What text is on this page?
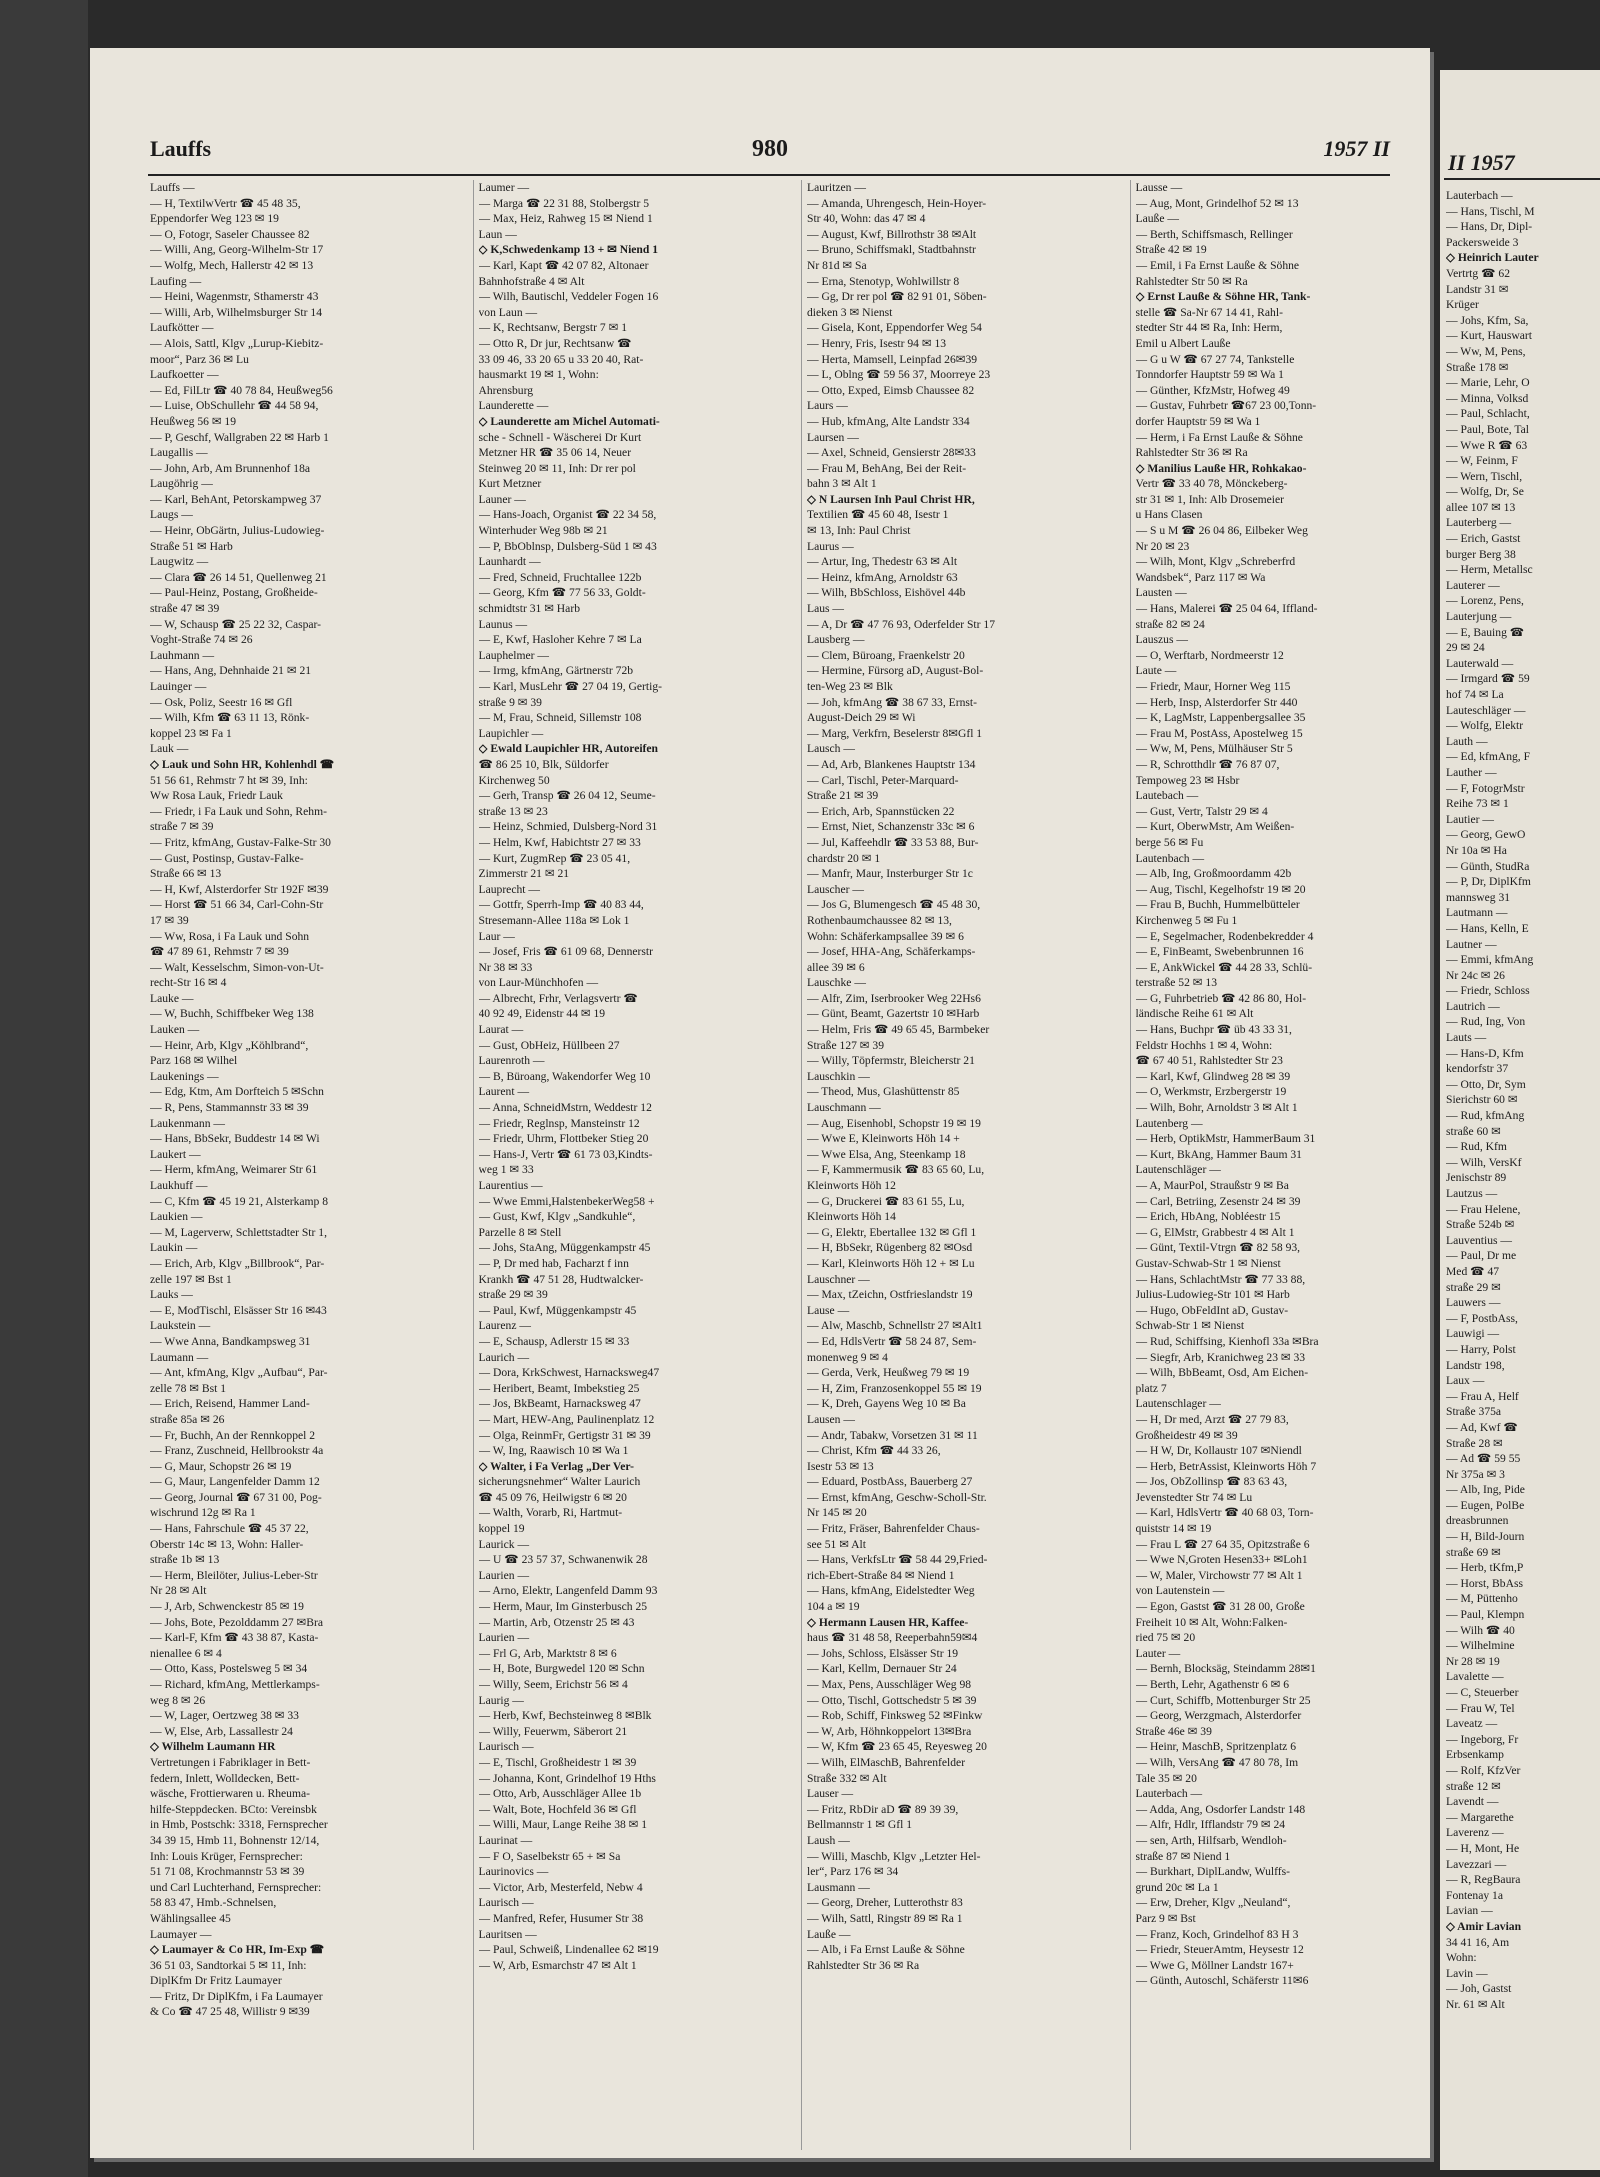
Lauffs	980	1957 II

Lauffs —

— H, TextilwVertr ☎ 45 48 35,

Eppendorfer Weg 123 ✉ 19

— O, Fotogr, Saseler Chaussee 82

— Willi, Ang, Georg-Wilhelm-Str 17

— Wolfg, Mech, Hallerstr 42 ✉ 13

Laufing —

— Heini, Wagenmstr, Sthamerstr 43

— Willi, Arb, Wilhelmsburger Str 14

Laufkötter —

— Alois, Sattl, Klgv „Lurup-Kiebitz-

moor“, Parz 36 ✉ Lu

Laufkoetter —

— Ed, FilLtr ☎ 40 78 84, Heußweg56

— Luise, ObSchullehr ☎ 44 58 94,

Heußweg 56 ✉ 19

— P, Geschf, Wallgraben 22 ✉ Harb 1

Laugallis —

— John, Arb, Am Brunnenhof 18a

Laugöhrig —

— Karl, BehAnt, Petorskampweg 37

Laugs —

— Heinr, ObGärtn, Julius-Ludowieg-

Straße 51 ✉ Harb

Laugwitz —

— Clara ☎ 26 14 51, Quellenweg 21

— Paul-Heinz, Postang, Großheide-

straße 47 ✉ 39

— W, Schausp ☎ 25 22 32, Caspar-

Voght-Straße 74 ✉ 26

Lauhmann —

— Hans, Ang, Dehnhaide 21 ✉ 21

Lauinger —

— Osk, Poliz, Seestr 16 ✉ Gfl

— Wilh, Kfm ☎ 63 11 13, Rönk-

koppel 23 ✉ Fa 1

Lauk —

◇ Lauk und Sohn HR, Kohlenhdl ☎

51 56 61, Rehmstr 7 ht ✉ 39, Inh:

Ww Rosa Lauk, Friedr Lauk

— Friedr, i Fa Lauk und Sohn, Rehm-

straße 7 ✉ 39

— Fritz, kfmAng, Gustav-Falke-Str 30

— Gust, Postinsp, Gustav-Falke-

Straße 66 ✉ 13

— H, Kwf, Alsterdorfer Str 192F ✉39

— Horst ☎ 51 66 34, Carl-Cohn-Str

17 ✉ 39

— Ww, Rosa, i Fa Lauk und Sohn

☎ 47 89 61, Rehmstr 7 ✉ 39

— Walt, Kesselschm, Simon-von-Ut-

recht-Str 16 ✉ 4

Lauke —

— W, Buchh, Schiffbeker Weg 138

Lauken —

— Heinr, Arb, Klgv „Köhlbrand“,

Parz 168 ✉ Wilhel

Laukenings —

— Edg, Ktm, Am Dorfteich 5 ✉Schn

— R, Pens, Stammannstr 33 ✉ 39

Laukenmann —

— Hans, BbSekr, Buddestr 14 ✉ Wi

Laukert —

— Herm, kfmAng, Weimarer Str 61

Laukhuff —

— C, Kfm ☎ 45 19 21, Alsterkamp 8

Laukien —

— M, Lagerverw, Schlettstadter Str 1,

Laukin —

— Erich, Arb, Klgv „Billbrook“, Par-

zelle 197 ✉ Bst 1

Lauks —

— E, ModTischl, Elsässer Str 16 ✉43

Laukstein —

— Wwe Anna, Bandkampsweg 31

Laumann —

— Ant, kfmAng, Klgv „Aufbau“, Par-

zelle 78 ✉ Bst 1

— Erich, Reisend, Hammer Land-

straße 85a ✉ 26

— Fr, Buchh, An der Rennkoppel 2

— Franz, Zuschneid, Hellbrookstr 4a

— G, Maur, Schopstr 26 ✉ 19

— G, Maur, Langenfelder Damm 12

— Georg, Journal ☎ 67 31 00, Pog-

wischrund 12g ✉ Ra 1

— Hans, Fahrschule ☎ 45 37 22,

Oberstr 14c ✉ 13, Wohn: Haller-

straße 1b ✉ 13

— Herm, Bleilöter, Julius-Leber-Str

Nr 28 ✉ Alt

— J, Arb, Schwenckestr 85 ✉ 19

— Johs, Bote, Pezolddamm 27 ✉Bra

— Karl-F, Kfm ☎ 43 38 87, Kasta-

nienallee 6 ✉ 4

— Otto, Kass, Postelsweg 5 ✉ 34

— Richard, kfmAng, Mettlerkamps-

weg 8 ✉ 26

— W, Lager, Oertzweg 38 ✉ 33

— W, Else, Arb, Lassallestr 24

◇ Wilhelm Laumann HR

Vertretungen i Fabriklager in Bett-

federn, Inlett, Wolldecken, Bett-

wäsche, Frottierwaren u. Rheuma-

hilfe-Steppdecken. BCto: Vereinsbk

in Hmb, Postschk: 3318, Fernsprecher

34 39 15, Hmb 11, Bohnenstr 12/14,

Inh: Louis Krüger, Fernsprecher:

51 71 08, Krochmannstr 53 ✉ 39

und Carl Luchterhand, Fernsprecher:

58 83 47, Hmb.-Schnelsen,

Wählingsallee 45

Laumayer —

◇ Laumayer & Co HR, Im-Exp ☎

36 51 03, Sandtorkai 5 ✉ 11, Inh:

DiplKfm Dr Fritz Laumayer

— Fritz, Dr DiplKfm, i Fa Laumayer

& Co ☎ 47 25 48, Willistr 9 ✉39

Laumer —

— Marga ☎ 22 31 88, Stolbergstr 5

— Max, Heiz, Rahweg 15 ✉ Niend 1

Laun —

◇ K,Schwedenkamp 13 + ✉ Niend 1

— Karl, Kapt ☎ 42 07 82, Altonaer

Bahnhofstraße 4 ✉ Alt

— Wilh, Bautischl, Veddeler Fogen 16

von Laun —

— K, Rechtsanw, Bergstr 7 ✉ 1

— Otto R, Dr jur, Rechtsanw ☎

33 09 46, 33 20 65 u 33 20 40, Rat-

hausmarkt 19 ✉ 1, Wohn:

Ahrensburg

Launderette —

◇ Launderette am Michel Automati-

sche - Schnell - Wäscherei Dr Kurt

Metzner HR ☎ 35 06 14, Neuer

Steinweg 20 ✉ 11, Inh: Dr rer pol

Kurt Metzner

Launer —

— Hans-Joach, Organist ☎ 22 34 58,

Winterhuder Weg 98b ✉ 21

— P, BbOblnsp, Dulsberg-Süd 1 ✉ 43

Launhardt —

— Fred, Schneid, Fruchtallee 122b

— Georg, Kfm ☎ 77 56 33, Goldt-

schmidtstr 31 ✉ Harb

Launus —

— E, Kwf, Hasloher Kehre 7 ✉ La

Lauphelmer —

— Irmg, kfmAng, Gärtnerstr 72b

— Karl, MusLehr ☎ 27 04 19, Gertig-

straße 9 ✉ 39

— M, Frau, Schneid, Sillemstr 108

Laupichler —

◇ Ewald Laupichler HR, Autoreifen

☎ 86 25 10, Blk, Süldorfer

Kirchenweg 50

— Gerh, Transp ☎ 26 04 12, Seume-

straße 13 ✉ 23

— Heinz, Schmied, Dulsberg-Nord 31

— Helm, Kwf, Habichtstr 27 ✉ 33

— Kurt, ZugmRep ☎ 23 05 41,

Zimmerstr 21 ✉ 21

Lauprecht —

— Gottfr, Sperrh-Imp ☎ 40 83 44,

Stresemann-Allee 118a ✉ Lok 1

Laur —

— Josef, Fris ☎ 61 09 68, Dennerstr

Nr 38 ✉ 33

von Laur-Münchhofen —

— Albrecht, Frhr, Verlagsvertr ☎

40 92 49, Eidenstr 44 ✉ 19

Laurat —

— Gust, ObHeiz, Hüllbeen 27

Laurenroth —

— B, Büroang, Wakendorfer Weg 10

Laurent —

— Anna, SchneidMstrn, Weddestr 12

— Friedr, Reglnsp, Mansteinstr 12

— Friedr, Uhrm, Flottbeker Stieg 20

— Hans-J, Vertr ☎ 61 73 03,Kindts-

weg 1 ✉ 33

Laurentius —

— Wwe Emmi,HalstenbekerWeg58 +

— Gust, Kwf, Klgv „Sandkuhle“,

Parzelle 8 ✉ Stell

— Johs, StaAng, Müggenkampstr 45

— P, Dr med hab, Facharzt f inn

Krankh ☎ 47 51 28, Hudtwalcker-

straße 29 ✉ 39

— Paul, Kwf, Müggenkampstr 45

Laurenz —

— E, Schausp, Adlerstr 15 ✉ 33

Laurich —

— Dora, KrkSchwest, Harnacksweg47

— Heribert, Beamt, Imbekstieg 25

— Jos, BkBeamt, Harnacksweg 47

— Mart, HEW-Ang, Paulinenplatz 12

— Olga, ReinmFr, Gertigstr 31 ✉ 39

— W, Ing, Raawisch 10 ✉ Wa 1

◇ Walter, i Fa Verlag „Der Ver-

sicherungsnehmer“ Walter Laurich

☎ 45 09 76, Heilwigstr 6 ✉ 20

— Walth, Vorarb, Ri, Hartmut-

koppel 19

Laurick —

— U ☎ 23 57 37, Schwanenwik 28

Laurien —

— Arno, Elektr, Langenfeld Damm 93

— Herm, Maur, Im Ginsterbusch 25

— Martin, Arb, Otzenstr 25 ✉ 43

Laurien —

— Frl G, Arb, Marktstr 8 ✉ 6

— H, Bote, Burgwedel 120 ✉ Schn

— Willy, Seem, Erichstr 56 ✉ 4

Laurig —

— Herb, Kwf, Bechsteinweg 8 ✉Blk

— Willy, Feuerwm, Säberort 21

Laurisch —

— E, Tischl, Großheidestr 1 ✉ 39

— Johanna, Kont, Grindelhof 19 Hths

— Otto, Arb, Ausschläger Allee 1b

— Walt, Bote, Hochfeld 36 ✉ Gfl

— Willi, Maur, Lange Reihe 38 ✉ 1

Laurinat —

— F O, Saselbekstr 65 + ✉ Sa

Laurinovics —

— Victor, Arb, Mesterfeld, Nebw 4

Laurisch —

— Manfred, Refer, Husumer Str 38

Lauritsen —

— Paul, Schweiß, Lindenallee 62 ✉19

— W, Arb, Esmarchstr 47 ✉ Alt 1

Lauritzen —

— Amanda, Uhrengesch, Hein-Hoyer-

Str 40, Wohn: das 47 ✉ 4

— August, Kwf, Billrothstr 38 ✉Alt

— Bruno, Schiffsmakl, Stadtbahnstr

Nr 81d ✉ Sa

— Erna, Stenotyp, Wohlwillstr 8

— Gg, Dr rer pol ☎ 82 91 01, Söben-

dieken 3 ✉ Nienst

— Gisela, Kont, Eppendorfer Weg 54

— Henry, Fris, Isestr 94 ✉ 13

— Herta, Mamsell, Leinpfad 26✉39

— L, Oblng ☎ 59 56 37, Moorreye 23

— Otto, Exped, Eimsb Chaussee 82

Laurs —

— Hub, kfmAng, Alte Landstr 334

Laursen —

— Axel, Schneid, Gensierstr 28✉33

— Frau M, BehAng, Bei der Reit-

bahn 3 ✉ Alt 1

◇ N Laursen Inh Paul Christ HR,

Textilien ☎ 45 60 48, Isestr 1

✉ 13, Inh: Paul Christ

Laurus —

— Artur, Ing, Thedestr 63 ✉ Alt

— Heinz, kfmAng, Arnoldstr 63

— Wilh, BbSchloss, Eishövel 44b

Laus —

— A, Dr ☎ 47 76 93, Oderfelder Str 17

Lausberg —

— Clem, Büroang, Fraenkelstr 20

— Hermine, Fürsorg aD, August-Bol-

ten-Weg 23 ✉ Blk

— Joh, kfmAng ☎ 38 67 33, Ernst-

August-Deich 29 ✉ Wi

— Marg, Verkfrn, Beselerstr 8✉Gfl 1

Lausch —

— Ad, Arb, Blankenes Hauptstr 134

— Carl, Tischl, Peter-Marquard-

Straße 21 ✉ 39

— Erich, Arb, Spannstücken 22

— Ernst, Niet, Schanzenstr 33c ✉ 6

— Jul, Kaffeehdlr ☎ 33 53 88, Bur-

chardstr 20 ✉ 1

— Manfr, Maur, Insterburger Str 1c

Lauscher —

— Jos G, Blumengesch ☎ 45 48 30,

Rothenbaumchaussee 82 ✉ 13,

Wohn: Schäferkampsallee 39 ✉ 6

— Josef, HHA-Ang, Schäferkamps-

allee 39 ✉ 6

Lauschke —

— Alfr, Zim, Iserbrooker Weg 22Hs6

— Günt, Beamt, Gazertstr 10 ✉Harb

— Helm, Fris ☎ 49 65 45, Barmbeker

Straße 127 ✉ 39

— Willy, Töpfermstr, Bleicherstr 21

Lauschkin —

— Theod, Mus, Glashüttenstr 85

Lauschmann —

— Aug, Eisenhobl, Schopstr 19 ✉ 19

— Wwe E, Kleinworts Höh 14 +

— Wwe Elsa, Ang, Steenkamp 18

— F, Kammermusik ☎ 83 65 60, Lu,

Kleinworts Höh 12

— G, Druckerei ☎ 83 61 55, Lu,

Kleinworts Höh 14

— G, Elektr, Ebertallee 132 ✉ Gfl 1

— H, BbSekr, Rügenberg 82 ✉Osd

— Karl, Kleinworts Höh 12 + ✉ Lu

Lauschner —

— Max, tZeichn, Ostfrieslandstr 19

Lause —

— Alw, Maschb, Schnellstr 27 ✉Alt1

— Ed, HdlsVertr ☎ 58 24 87, Sem-

monenweg 9 ✉ 4

— Gerda, Verk, Heußweg 79 ✉ 19

— H, Zim, Franzosenkoppel 55 ✉ 19

— K, Dreh, Gayens Weg 10 ✉ Ba

Lausen —

— Andr, Tabakw, Vorsetzen 31 ✉ 11

— Christ, Kfm ☎ 44 33 26,

Isestr 53 ✉ 13

— Eduard, PostbAss, Bauerberg 27

— Ernst, kfmAng, Geschw-Scholl-Str.

Nr 145 ✉ 20

— Fritz, Fräser, Bahrenfelder Chaus-

see 51 ✉ Alt

— Hans, VerkfsLtr ☎ 58 44 29,Fried-

rich-Ebert-Straße 84 ✉ Niend 1

— Hans, kfmAng, Eidelstedter Weg

104 a ✉ 19

◇ Hermann Lausen HR, Kaffee-

haus ☎ 31 48 58, Reeperbahn59✉4

— Johs, Schloss, Elsässer Str 19

— Karl, Kellm, Dernauer Str 24

— Max, Pens, Ausschläger Weg 98

— Otto, Tischl, Gottschedstr 5 ✉ 39

— Rob, Schiff, Finksweg 52 ✉Finkw

— W, Arb, Höhnkoppelort 13✉Bra

— W, Kfm ☎ 23 65 45, Reyesweg 20

— Wilh, ElMaschB, Bahrenfelder

Straße 332 ✉ Alt

Lauser —

— Fritz, RbDir aD ☎ 89 39 39,

Bellmannstr 1 ✉ Gfl 1

Laush —

— Willi, Maschb, Klgv „Letzter Hel-

ler“, Parz 176 ✉ 34

Lausmann —

— Georg, Dreher, Lutterothstr 83

— Wilh, Sattl, Ringstr 89 ✉ Ra 1

Lauße —

— Alb, i Fa Ernst Lauße & Söhne

Rahlstedter Str 36 ✉ Ra

Lausse —

— Aug, Mont, Grindelhof 52 ✉ 13

Lauße —

— Berth, Schiffsmasch, Rellinger

Straße 42 ✉ 19

— Emil, i Fa Ernst Lauße & Söhne

Rahlstedter Str 50 ✉ Ra

◇ Ernst Lauße & Söhne HR, Tank-

stelle ☎ Sa-Nr 67 14 41, Rahl-

stedter Str 44 ✉ Ra, Inh: Herm,

Emil u Albert Lauße

— G u W ☎ 67 27 74, Tankstelle

Tonndorfer Hauptstr 59 ✉ Wa 1

— Günther, KfzMstr, Hofweg 49

— Gustav, Fuhrbetr ☎67 23 00,Tonn-

dorfer Hauptstr 59 ✉ Wa 1

— Herm, i Fa Ernst Lauße & Söhne

Rahlstedter Str 36 ✉ Ra

◇ Manilius Lauße HR, Rohkakao-

Vertr ☎ 33 40 78, Mönckeberg-

str 31 ✉ 1, Inh: Alb Drosemeier

u Hans Clasen

— S u M ☎ 26 04 86, Eilbeker Weg

Nr 20 ✉ 23

— Wilh, Mont, Klgv „Schreberfrd

Wandsbek“, Parz 117 ✉ Wa

Lausten —

— Hans, Malerei ☎ 25 04 64, Iffland-

straße 82 ✉ 24

Lauszus —

— O, Werftarb, Nordmeerstr 12

Laute —

— Friedr, Maur, Horner Weg 115

— Herb, Insp, Alsterdorfer Str 440

— K, LagMstr, Lappenbergsallee 35

— Frau M, PostAss, Apostelweg 15

— Ww, M, Pens, Mülhäuser Str 5

— R, Schrotthdlr ☎ 76 87 07,

Tempoweg 23 ✉ Hsbr

Lautebach —

— Gust, Vertr, Talstr 29 ✉ 4

— Kurt, OberwMstr, Am Weißen-

berge 56 ✉ Fu

Lautenbach —

— Alb, Ing, Großmoordamm 42b

— Aug, Tischl, Kegelhofstr 19 ✉ 20

— Frau B, Buchh, Hummelbütteler

Kirchenweg 5 ✉ Fu 1

— E, Segelmacher, Rodenbekredder 4

— E, FinBeamt, Swebenbrunnen 16

— E, AnkWickel ☎ 44 28 33, Schlü-

terstraße 52 ✉ 13

— G, Fuhrbetrieb ☎ 42 86 80, Hol-

ländische Reihe 61 ✉ Alt

— Hans, Buchpr ☎ üb 43 33 31,

Feldstr Hochhs 1 ✉ 4, Wohn:

☎ 67 40 51, Rahlstedter Str 23

— Karl, Kwf, Glindweg 28 ✉ 39

— O, Werkmstr, Erzbergerstr 19

— Wilh, Bohr, Arnoldstr 3 ✉ Alt 1

Lautenberg —

— Herb, OptikMstr, HammerBaum 31

— Kurt, BkAng, Hammer Baum 31

Lautenschläger —

— A, MaurPol, Straußstr 9 ✉ Ba

— Carl, Betriing, Zesenstr 24 ✉ 39

— Erich, HbAng, Nobléestr 15

— G, ElMstr, Grabbestr 4 ✉ Alt 1

— Günt, Textil-Vtrgn ☎ 82 58 93,

Gustav-Schwab-Str 1 ✉ Nienst

— Hans, SchlachtMstr ☎ 77 33 88,

Julius-Ludowieg-Str 101 ✉ Harb

— Hugo, ObFeldInt aD, Gustav-

Schwab-Str 1 ✉ Nienst

— Rud, Schiffsing, Kienhofl 33a ✉Bra

— Siegfr, Arb, Kranichweg 23 ✉ 33

— Wilh, BbBeamt, Osd, Am Eichen-

platz 7

Lautenschlager —

— H, Dr med, Arzt ☎ 27 79 83,

Großheidestr 49 ✉ 39

— H W, Dr, Kollaustr 107 ✉Niendl

— Herb, BetrAssist, Kleinworts Höh 7

— Jos, ObZollinsp ☎ 83 63 43,

Jevenstedter Str 74 ✉ Lu

— Karl, HdlsVertr ☎ 40 68 03, Torn-

quiststr 14 ✉ 19

— Frau L ☎ 27 64 35, Opitzstraße 6

— Wwe N,Groten Hesen33+ ✉Loh1

— W, Maler, Virchowstr 77 ✉ Alt 1

von Lautenstein —

— Egon, Gastst ☎ 31 28 00, Große

Freiheit 10 ✉ Alt, Wohn:Falken-

ried 75 ✉ 20

Lauter —

— Bernh, Blocksäg, Steindamm 28✉1

— Berth, Lehr, Agathenstr 6 ✉ 6

— Curt, Schiffb, Mottenburger Str 25

— Georg, Werzgmach, Alsterdorfer

Straße 46e ✉ 39

— Heinr, MaschB, Spritzenplatz 6

— Wilh, VersAng ☎ 47 80 78, Im

Tale 35 ✉ 20

Lauterbach —

— Adda, Ang, Osdorfer Landstr 148

— Alfr, Hdlr, Ifflandstr 79 ✉ 24

— sen, Arth, Hilfsarb, Wendloh-

straße 87 ✉ Niend 1

— Burkhart, DiplLandw, Wulffs-

grund 20c ✉ La 1

— Erw, Dreher, Klgv „Neuland“,

Parz 9 ✉ Bst

— Franz, Koch, Grindelhof 83 H 3

— Friedr, SteuerAmtm, Heysestr 12

— Wwe G, Möllner Landstr 167+

— Günth, Autoschl, Schäferstr 11✉6

II 1957

Lauterbach —

— Hans, Tischl, M

— Hans, Dr, Dipl-

Packersweide 3

◇ Heinrich Lauter

Vertrtg ☎ 62

Landstr 31 ✉

Krüger

— Johs, Kfm, Sa,

— Kurt, Hauswart

— Ww, M, Pens,

Straße 178 ✉

— Marie, Lehr, O

— Minna, Volksd

— Paul, Schlacht,

— Paul, Bote, Tal

— Wwe R ☎ 63

— W, Feinm, F

— Wern, Tischl,

— Wolfg, Dr, Se

allee 107 ✉ 13

Lauterberg —

— Erich, Gastst

burger Berg 38

— Herm, Metallsc

Lauterer —

— Lorenz, Pens,

Lauterjung —

— E, Bauing ☎

29 ✉ 24

Lauterwald —

— Irmgard ☎ 59

hof 74 ✉ La

Lauteschläger —

— Wolfg, Elektr

Lauth —

— Ed, kfmAng, F

Lauther —

— F, FotogrMstr

Reihe 73 ✉ 1

Lautier —

— Georg, GewO

Nr 10a ✉ Ha

— Günth, StudRa

— P, Dr, DiplKfm

mannsweg 31

Lautmann —

— Hans, Kelln, E

Lautner —

— Emmi, kfmAng

Nr 24c ✉ 26

— Friedr, Schloss

Lautrich —

— Rud, Ing, Von

Lauts —

— Hans-D, Kfm

kendorfstr 37

— Otto, Dr, Sym

Sierichstr 60 ✉

— Rud, kfmAng

straße 60 ✉

— Rud, Kfm

— Wilh, VersKf

Jenischstr 89

Lautzus —

— Frau Helene,

Straße 524b ✉

Lauventius —

— Paul, Dr me

Med ☎ 47

straße 29 ✉

Lauwers —

— F, PostbAss,

Lauwigi —

— Harry, Polst

Landstr 198,

Laux —

— Frau A, Helf

Straße 375a

— Ad, Kwf ☎

Straße 28 ✉

— Ad ☎ 59 55

Nr 375a ✉ 3

— Alb, Ing, Pide

— Eugen, PolBe

dreasbrunnen

— H, Bild-Journ

straße 69 ✉

— Herb, tKfm,P

— Horst, BbAss

— M, Püttenho

— Paul, Klempn

— Wilh ☎ 40

— Wilhelmine

Nr 28 ✉ 19

Lavalette —

— C, Steuerber

— Frau W, Tel

Laveatz —

— Ingeborg, Fr

Erbsenkamp

— Rolf, KfzVer

straße 12 ✉

Lavendt —

— Margarethe

Laverenz —

— H, Mont, He

Lavezzari —

— R, RegBaura

Fontenay 1a

Lavian —

◇ Amir Lavian

34 41 16, Am

Wohn:

Lavin —

— Joh, Gastst

Nr. 61 ✉ Alt
